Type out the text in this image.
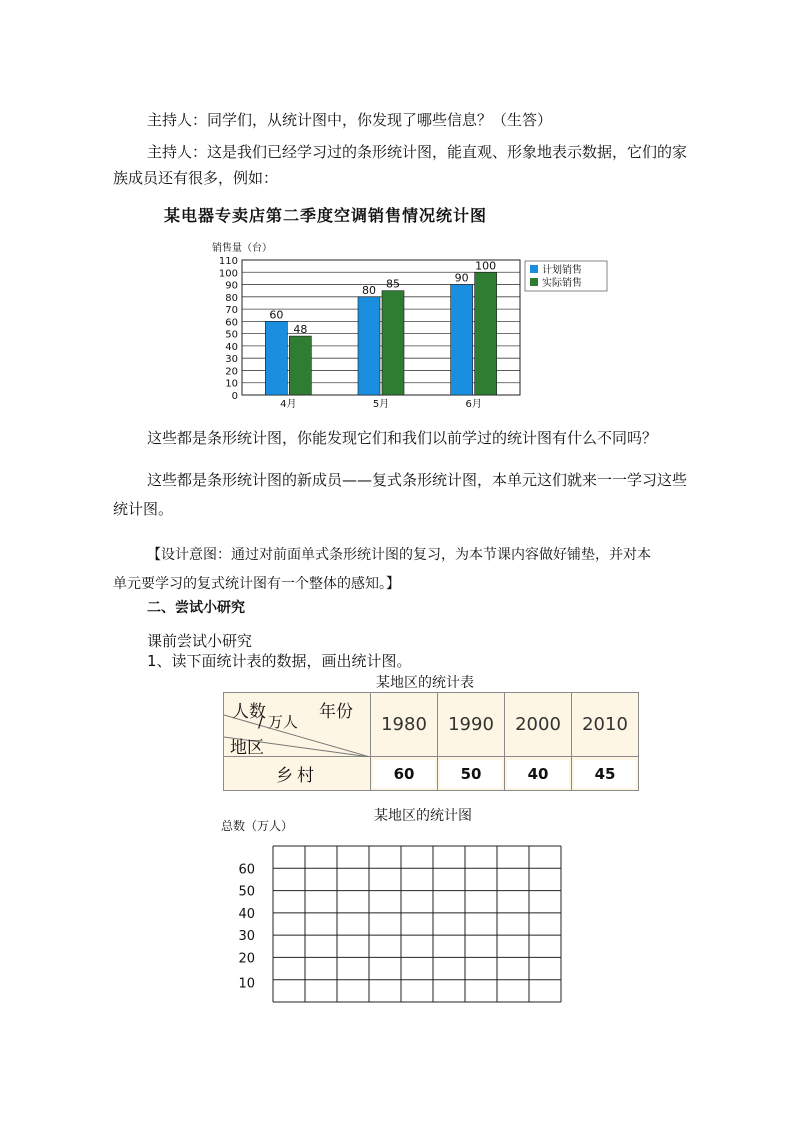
主持人：同学们，从统计图中，你发现了哪些信息？（生答）
主持人：这是我们已经学习过的条形统计图，能直观、形象地表示数据，它们的家
族成员还有很多，例如：
某电器专卖店第二季度空调销售情况统计图
销售量（台）
0
10
20
30
40
50
60
70
80
90
100
110
60
48
4月
80 85
5月
90
100
6月
计划销售
实际销售
这些都是条形统计图，你能发现它们和我们以前学过的统计图有什么不同吗？
这些都是条形统计图的新成员——复式条形统计图，本单元这们就来一一学习这些
统计图。
【设计意图：通过对前面单式条形统计图的复习，为本节课内容做好铺垫，并对本
单元要学习的复式统计图有一个整体的感知。】
二、尝试小研究
课前尝试小研究
1、读下面统计表的数据，画出统计图。
某地区的统计表
人数
/ 万人 年份
地区	1980	1990	2000	2010
乡村	60	50	40	45
某地区的统计图
总数（万人）
60
50
40
30
20
10
